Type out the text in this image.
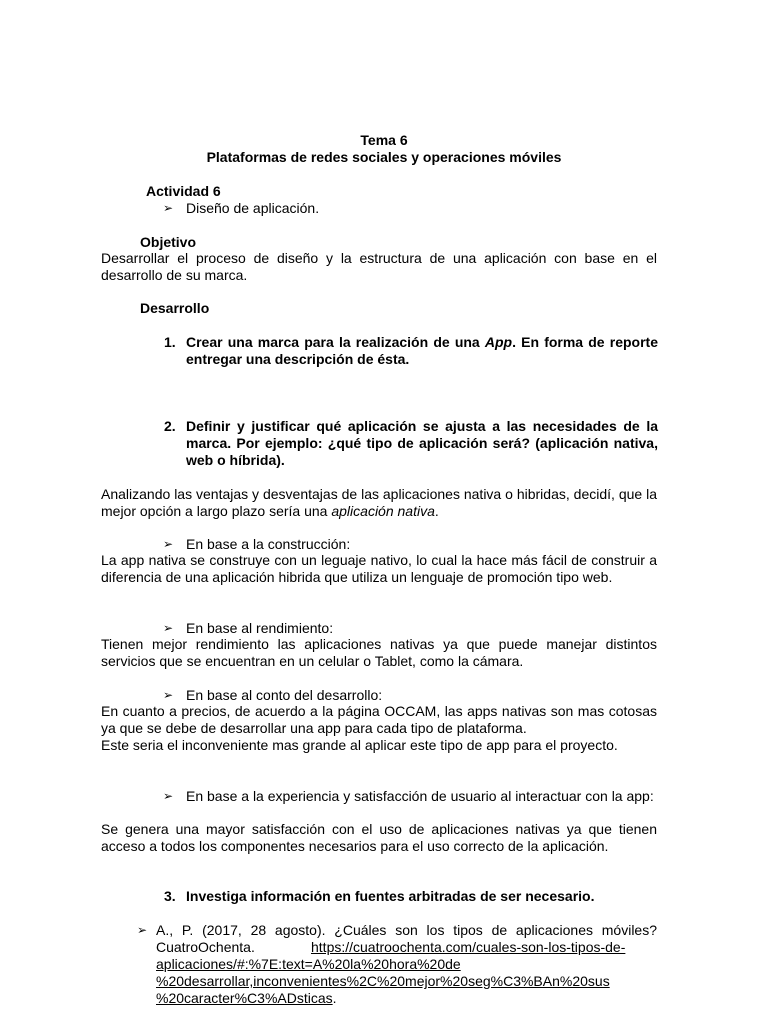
Tema 6
Plataformas de redes sociales y operaciones móviles
Actividad 6
➢ Diseño de aplicación.
Objetivo
Desarrollar el proceso de diseño y la estructura de una aplicación con base en el desarrollo de su marca.
Desarrollo
1. Crear una marca para la realización de una App. En forma de reporte entregar una descripción de ésta.
2. Definir y justificar qué aplicación se ajusta a las necesidades de la marca. Por ejemplo: ¿qué tipo de aplicación será? (aplicación nativa, web o híbrida).
Analizando las ventajas y desventajas de las aplicaciones nativa o hibridas, decidí, que la mejor opción a largo plazo sería una aplicación nativa.
➢ En base a la construcción:
La app nativa se construye con un leguaje nativo, lo cual la hace más fácil de construir a diferencia de una aplicación hibrida que utiliza un lenguaje de promoción tipo web.
➢ En base al rendimiento:
Tienen mejor rendimiento las aplicaciones nativas ya que puede manejar distintos servicios que se encuentran en un celular o Tablet, como la cámara.
➢ En base al conto del desarrollo:
En cuanto a precios, de acuerdo a la página OCCAM, las apps nativas son mas cotosas ya que se debe de desarrollar una app para cada tipo de plataforma.
Este seria el inconveniente mas grande al aplicar este tipo de app para el proyecto.
➢ En base a la experiencia y satisfacción de usuario al interactuar con la app:
Se genera una mayor satisfacción con el uso de aplicaciones nativas ya que tienen acceso a todos los componentes necesarios para el uso correcto de la aplicación.
3. Investiga información en fuentes arbitradas de ser necesario.
➢ A., P. (2017, 28 agosto). ¿Cuáles son los tipos de aplicaciones móviles? CuatroOchenta.	https://cuatroochenta.com/cuales-son-los-tipos-de-
aplicaciones/#:%7E:text=A%20la%20hora%20de
%20desarrollar,inconvenientes%2C%20mejor%20seg%C3%BAn%20sus
%20caracter%C3%ADsticas.
